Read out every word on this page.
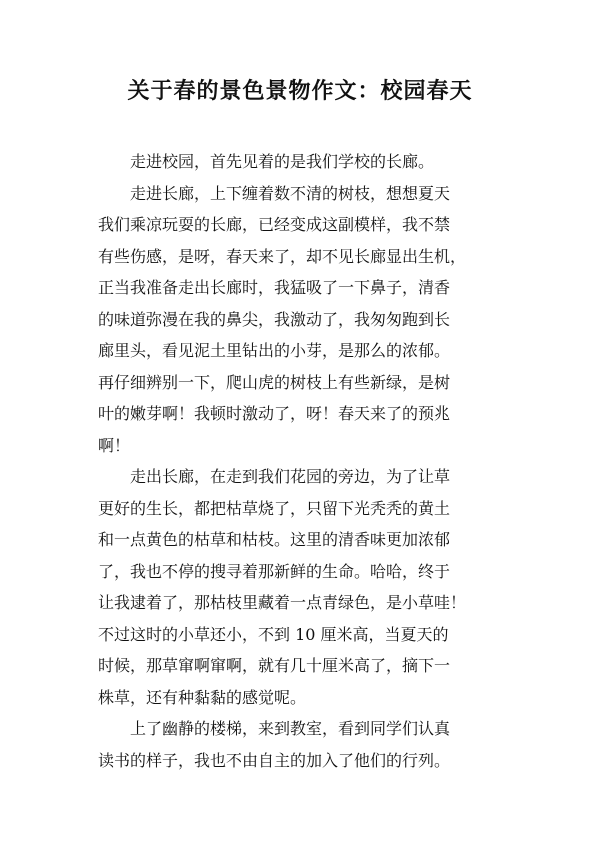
关于春的景色景物作文：校园春天
走进校园，首先见着的是我们学校的长廊。
走进长廊，上下缠着数不清的树枝，想想夏天
我们乘凉玩耍的长廊，已经变成这副模样，我不禁
有些伤感，是呀，春天来了，却不见长廊显出生机，
正当我准备走出长廊时，我猛吸了一下鼻子，清香
的味道弥漫在我的鼻尖，我激动了，我匆匆跑到长
廊里头，看见泥土里钻出的小芽，是那么的浓郁。
再仔细辨别一下，爬山虎的树枝上有些新绿，是树
叶的嫩芽啊！我顿时激动了，呀！春天来了的预兆
啊！
走出长廊，在走到我们花园的旁边，为了让草
更好的生长，都把枯草烧了，只留下光秃秃的黄土
和一点黄色的枯草和枯枝。这里的清香味更加浓郁
了，我也不停的搜寻着那新鲜的生命。哈哈，终于
让我逮着了，那枯枝里藏着一点青绿色，是小草哇！
不过这时的小草还小，不到 10 厘米高，当夏天的
时候，那草窜啊窜啊，就有几十厘米高了，摘下一
株草，还有种黏黏的感觉呢。
上了幽静的楼梯，来到教室，看到同学们认真
读书的样子，我也不由自主的加入了他们的行列。
